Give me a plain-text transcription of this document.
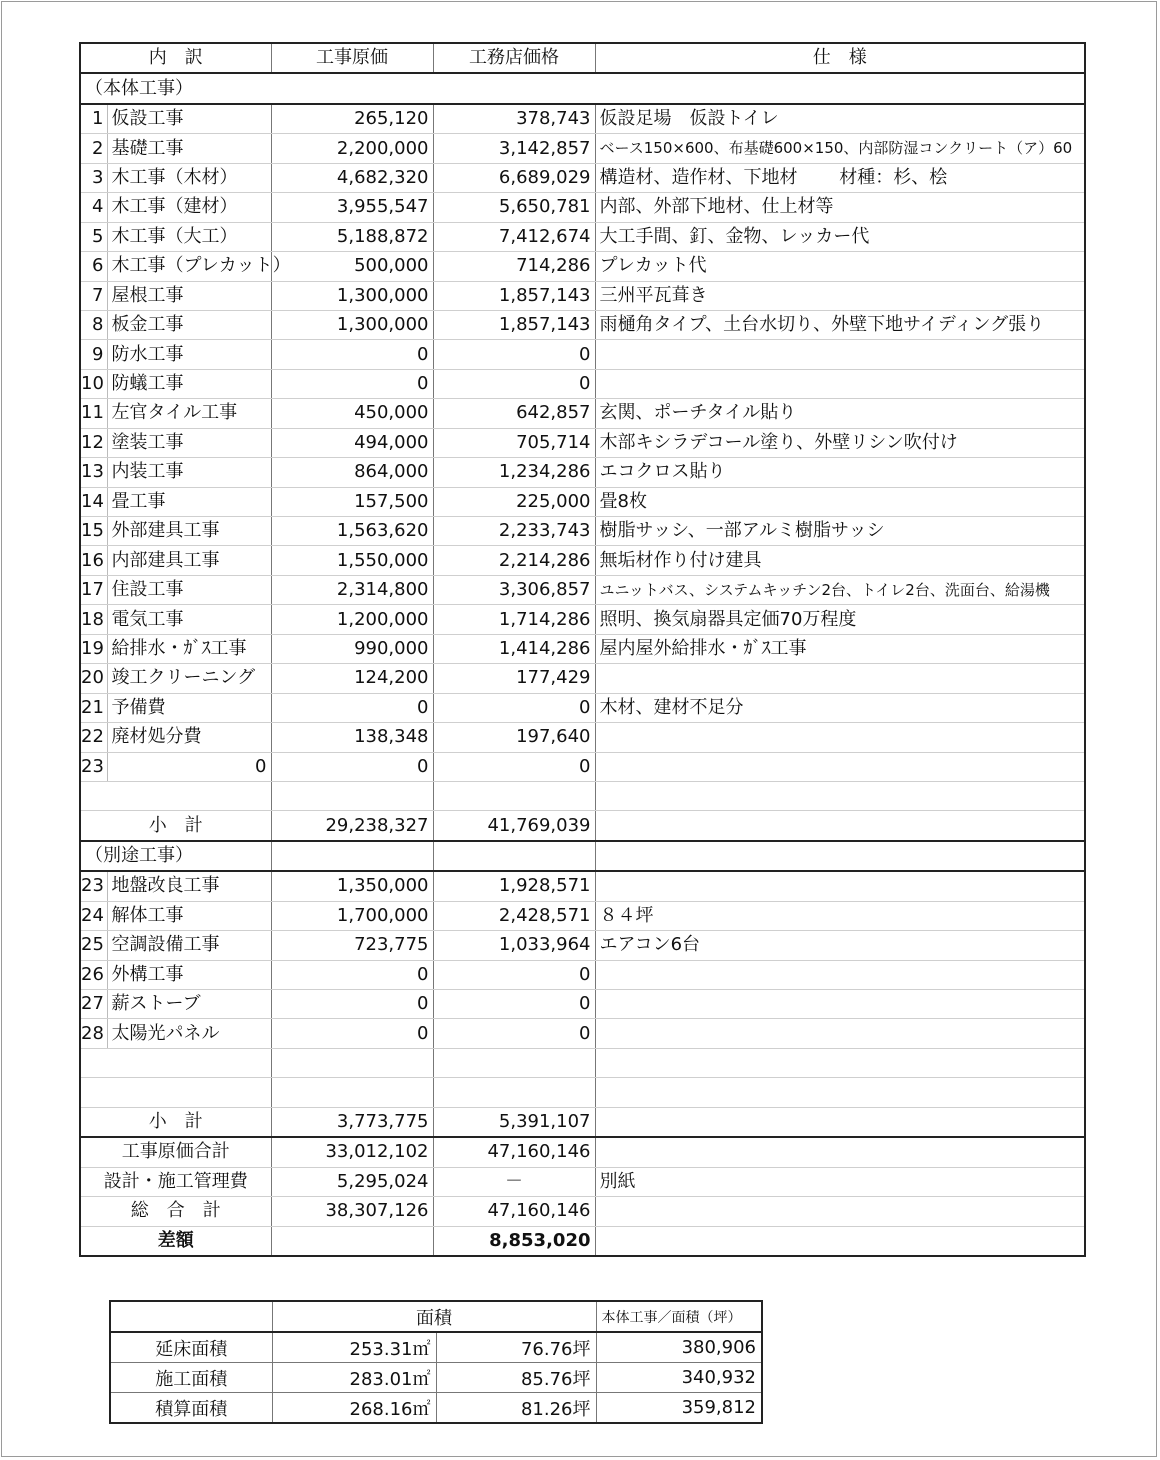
内　訳		工事原価	工務店価格	仕　様
（本体工事）				
1	仮設工事	265,120	378,743	仮設足場　仮設トイレ
2	基礎工事	2,200,000	3,142,857	ベース150×600、布基礎600×150、内部防湿コンクリート（ア）60
3	木工事（木材）	4,682,320	6,689,029	構造材、造作材、下地材　　 材種：杉、桧
4	木工事（建材）	3,955,547	5,650,781	内部、外部下地材、仕上材等
5	木工事（大工）	5,188,872	7,412,674	大工手間、釘、金物、レッカー代
6	木工事（プレカット）	500,000	714,286	プレカット代
7	屋根工事	1,300,000	1,857,143	三州平瓦葺き
8	板金工事	1,300,000	1,857,143	雨樋角タイプ、土台水切り、外壁下地サイディング張り
9	防水工事	0	0	
10	防蟻工事	0	0	
11	左官タイル工事	450,000	642,857	玄関、ポーチタイル貼り
12	塗装工事	494,000	705,714	木部キシラデコール塗り、外壁リシン吹付け
13	内装工事	864,000	1,234,286	エコクロス貼り
14	畳工事	157,500	225,000	畳8枚
15	外部建具工事	1,563,620	2,233,743	樹脂サッシ、一部アルミ樹脂サッシ
16	内部建具工事	1,550,000	2,214,286	無垢材作り付け建具
17	住設工事	2,314,800	3,306,857	ユニットバス、システムキッチン2台、トイレ2台、洗面台、給湯機
18	電気工事	1,200,000	1,714,286	照明、換気扇器具定価70万程度
19	給排水・ｶﾞｽ工事	990,000	1,414,286	屋内屋外給排水・ｶﾞｽ工事
20	竣工クリーニング	124,200	177,429	
21	予備費	0	0	木材、建材不足分
22	廃材処分費	138,348	197,640	
23	0	0	0	

小　計		29,238,327	41,769,039	
（別途工事）				
23	地盤改良工事	1,350,000	1,928,571	
24	解体工事	1,700,000	2,428,571	８４坪
25	空調設備工事	723,775	1,033,964	エアコン6台
26	外構工事	0	0	
27	薪ストーブ	0	0	
28	太陽光パネル	0	0	

小　計		3,773,775	5,391,107	
工事原価合計		33,012,102	47,160,146	
設計・施工管理費		5,295,024	－	別紙
総　合　計		38,307,126	47,160,146	
差額			8,853,020	
	面積		本体工事／面積（坪）
延床面積	253.31㎡	76.76坪	380,906
施工面積	283.01㎡	85.76坪	340,932
積算面積	268.16㎡	81.26坪	359,812
